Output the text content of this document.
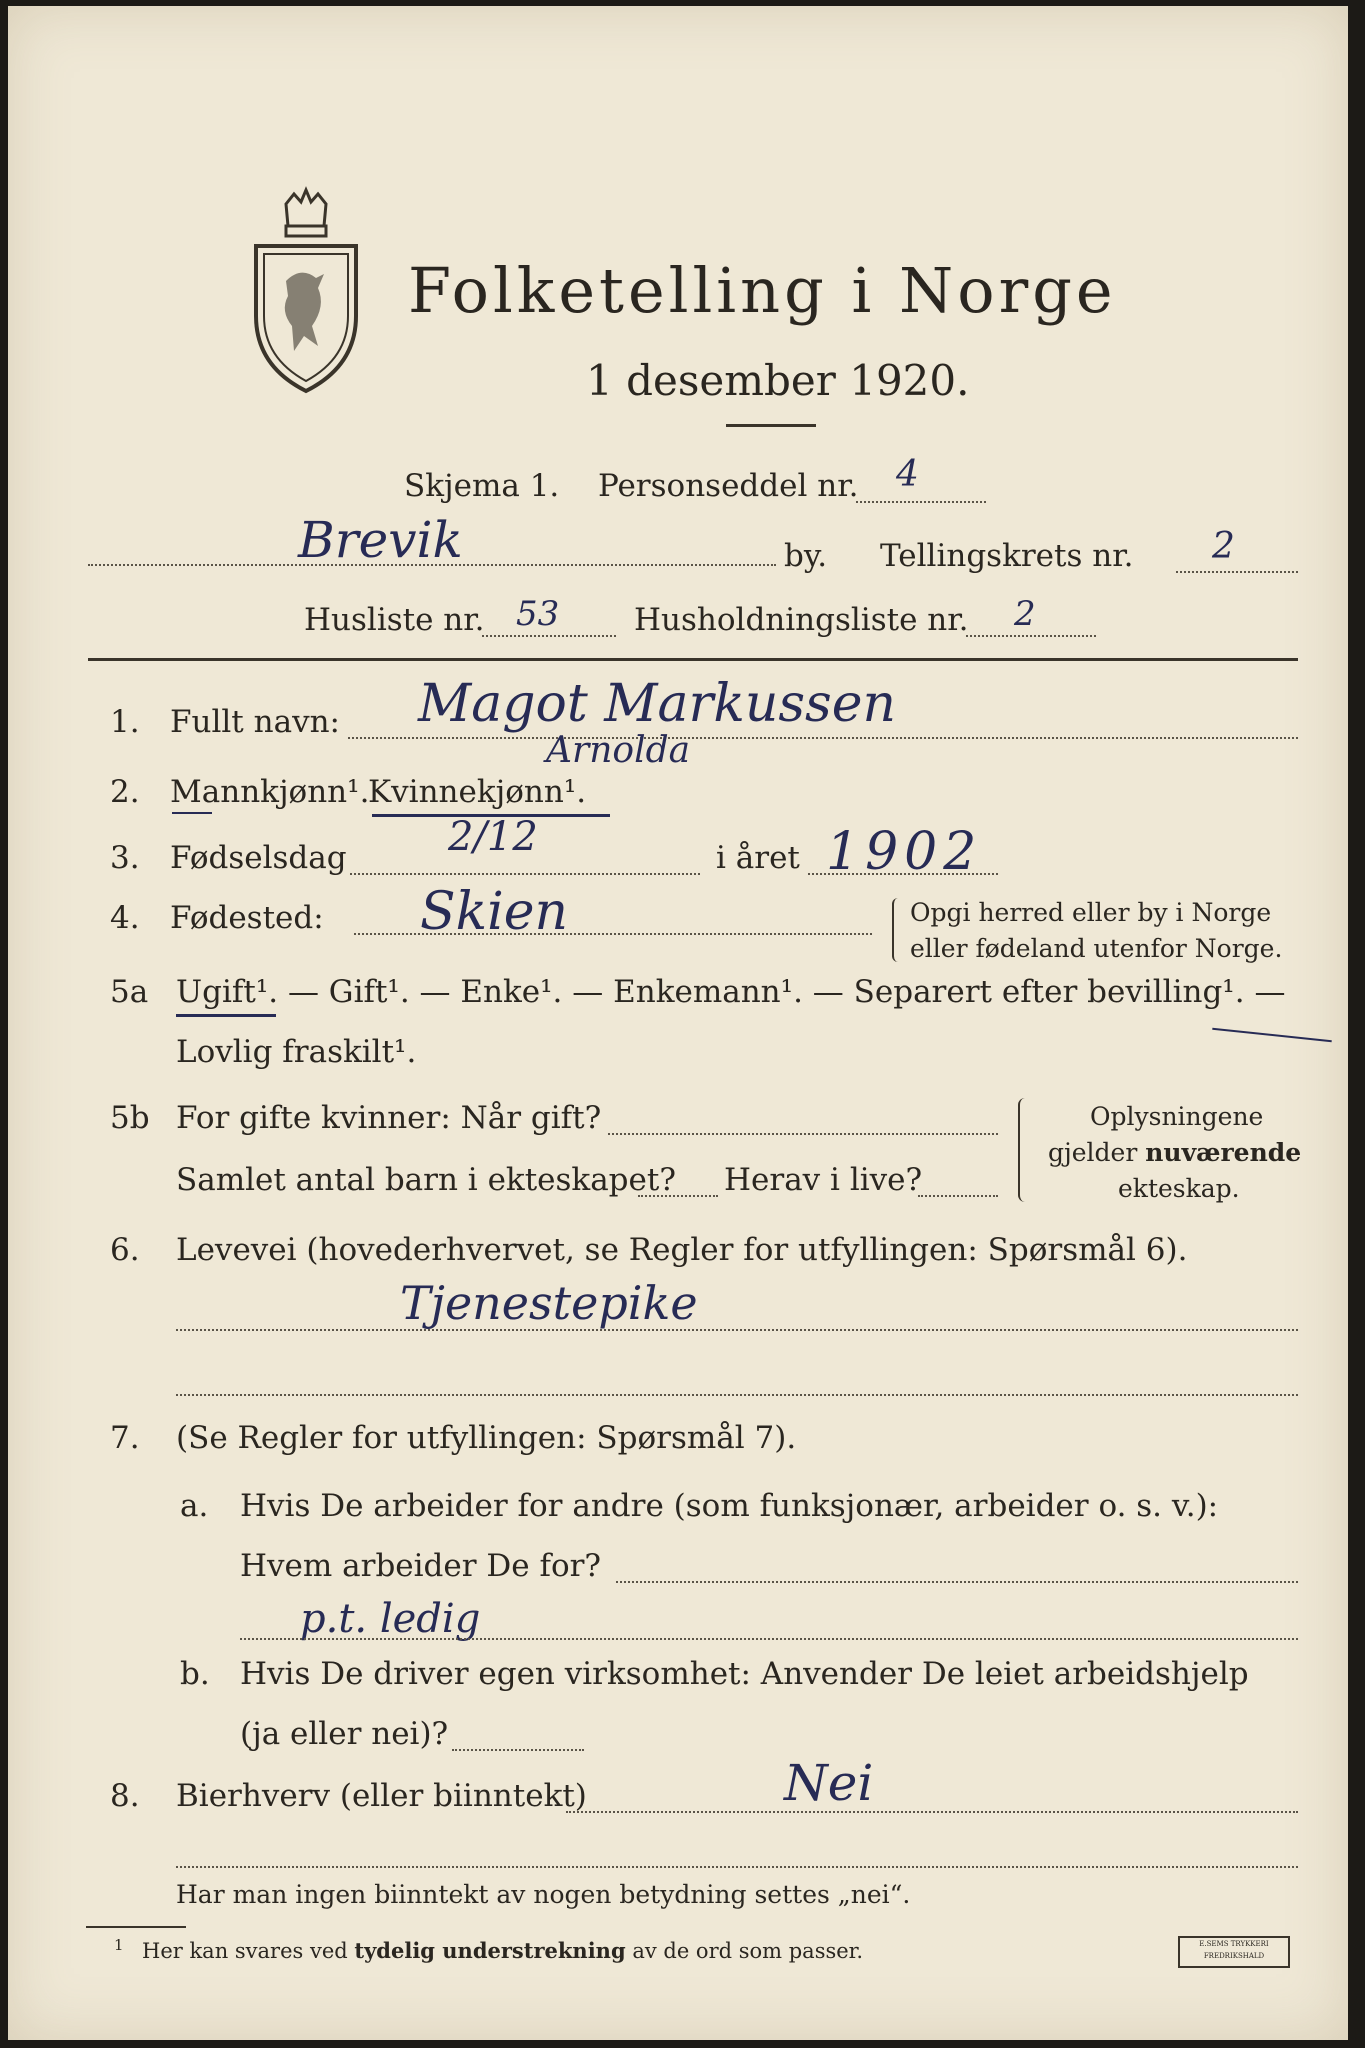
Folketelling i Norge
1 desember 1920.
Skjema 1. Personseddel nr. 4
Brevik	by. Tellingskrets nr. 2
Husliste nr. 53 Husholdningsliste nr. 2
1. Fullt navn: Magot Markussen
Arnolda
2. Mannkjønn¹.
Kvinnekjønn¹.
3. Fødselsdag	2/12	i året 1902
4. Fødested: Skien	Opgi herred eller by i Norge
eller fødeland utenfor Norge.
5a Ugift¹. — Gift¹. — Enke¹. — Enkemann¹. — Separert efter bevilling¹. —
Lovlig fraskilt¹.
5b For gifte kvinner: Når gift?
Samlet antal barn i ekteskapet? Herav i live?
Oplysningene
gjelder nuværende
ekteskap.
6. Levevei (hovederhvervet, se Regler for utfyllingen: Spørsmål 6).
Tjenestepike
7. (Se Regler for utfyllingen: Spørsmål 7).
a. Hvis De arbeider for andre (som funksjonær, arbeider o. s. v.):
Hvem arbeider De for?
p.t. ledig
b. Hvis De driver egen virksomhet: Anvender De leiet arbeidshjelp
(ja eller nei)?
8. Bierhverv (eller biinntekt)	Nei
Har man ingen biinntekt av nogen betydning settes „nei“.
1 Her kan svares ved tydelig understrekning av de ord som passer.	E.SEMS TRYKKERI
FREDRIKSHALD
